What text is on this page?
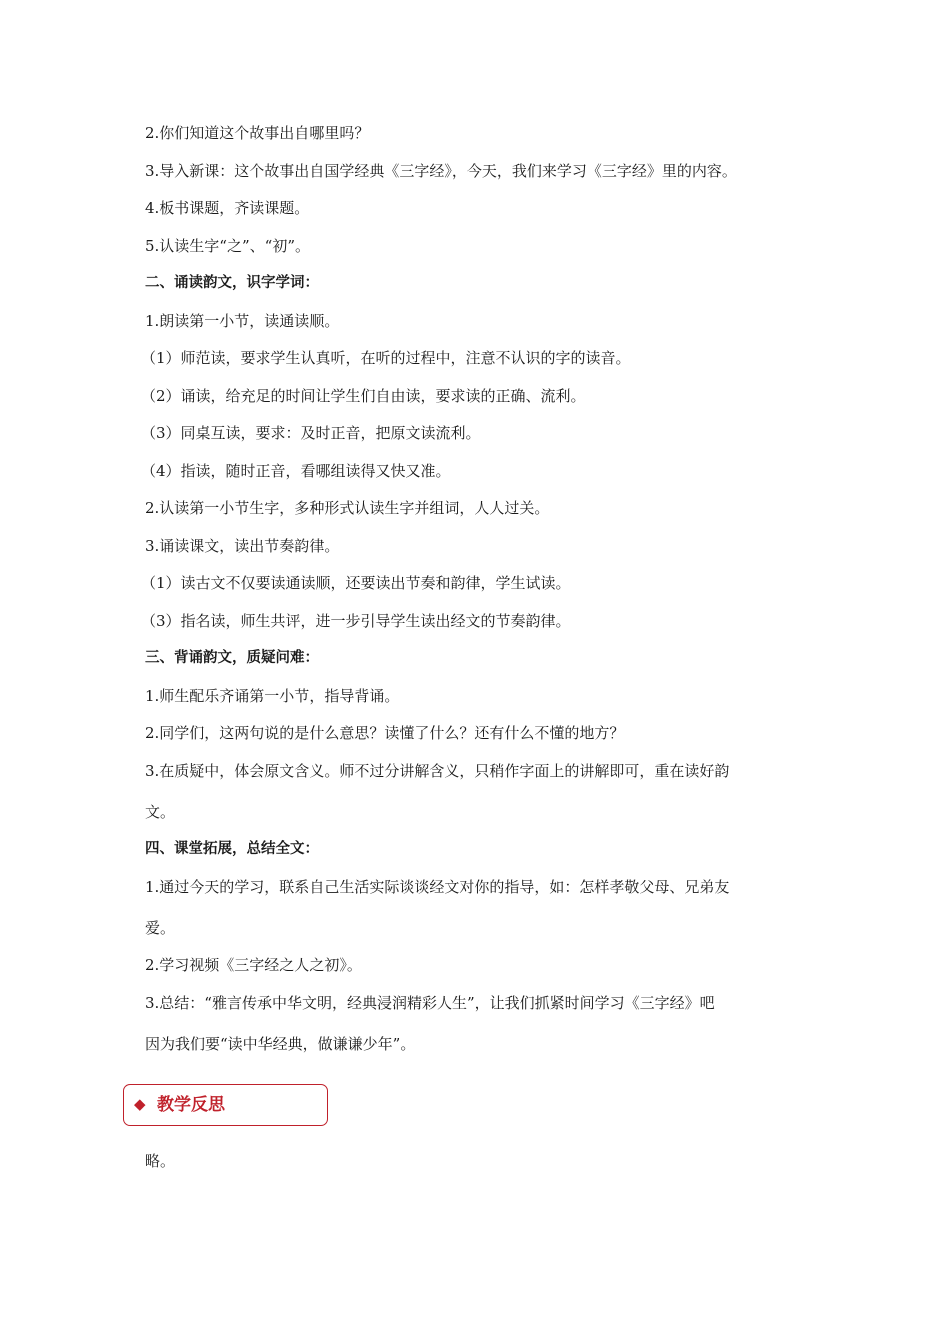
2.你们知道这个故事出自哪里吗？
3.导入新课：这个故事出自国学经典《三字经》，今天，我们来学习《三字经》里的内容。
4.板书课题，齐读课题。
5.认读生字“之”、“初”。
二、诵读韵文，识字学词：
1.朗读第一小节，读通读顺。
（1）师范读，要求学生认真听，在听的过程中，注意不认识的字的读音。
（2）诵读，给充足的时间让学生们自由读，要求读的正确、流利。
（3）同桌互读，要求：及时正音，把原文读流利。
（4）指读，随时正音，看哪组读得又快又准。
2.认读第一小节生字，多种形式认读生字并组词，人人过关。
3.诵读课文，读出节奏韵律。
（1）读古文不仅要读通读顺，还要读出节奏和韵律，学生试读。
（3）指名读，师生共评，进一步引导学生读出经文的节奏韵律。
三、背诵韵文，质疑问难：
1.师生配乐齐诵第一小节，指导背诵。
2.同学们，这两句说的是什么意思？读懂了什么？还有什么不懂的地方？
3.在质疑中，体会原文含义。师不过分讲解含义，只稍作字面上的讲解即可，重在读好韵
文。
四、课堂拓展，总结全文：
1.通过今天的学习，联系自己生活实际谈谈经文对你的指导，如：怎样孝敬父母、兄弟友
爱。
2.学习视频《三字经之人之初》。
3.总结：“雅言传承中华文明，经典浸润精彩人生”，让我们抓紧时间学习《三字经》吧
因为我们要“读中华经典，做谦谦少年”。
◆ 教学反思
略。
